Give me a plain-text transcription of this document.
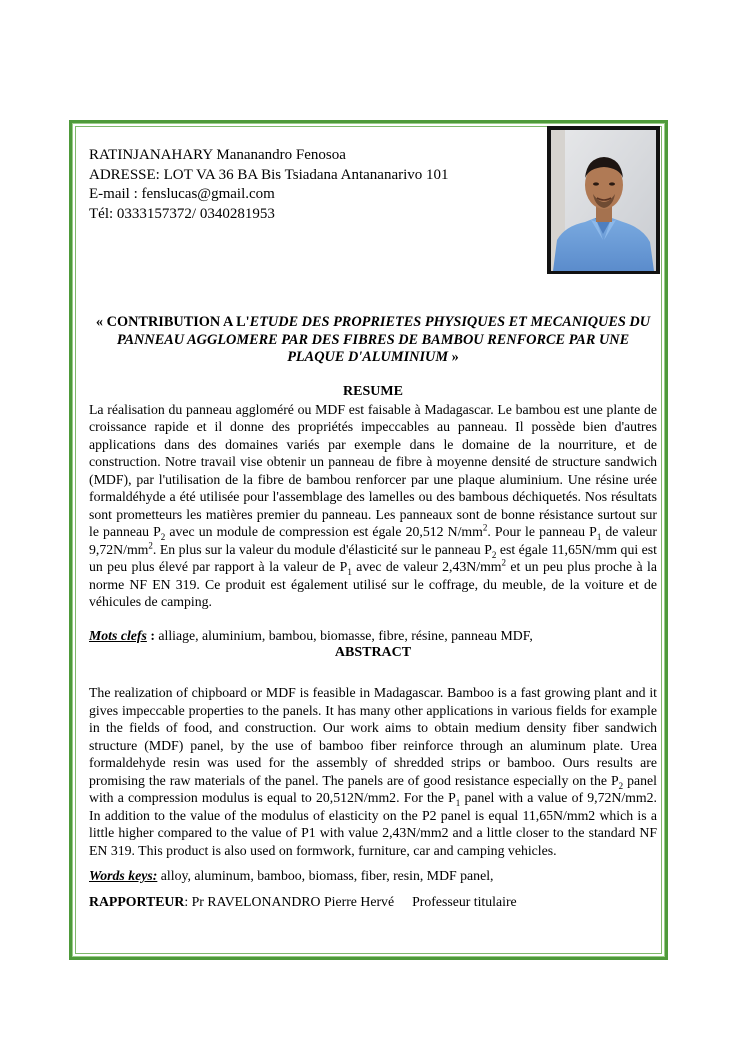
RATINJANAHARY Mananandro Fenosoa
ADRESSE: LOT VA 36 BA Bis Tsiadana Antananarivo 101
E-mail : fenslucas@gmail.com
Tél: 0333157372/ 0340281953
« CONTRIBUTION A L'ETUDE DES PROPRIETES PHYSIQUES ET MECANIQUES DU PANNEAU AGGLOMERE PAR DES FIBRES DE BAMBOU RENFORCE PAR UNE PLAQUE D'ALUMINIUM »
RESUME
La réalisation du panneau aggloméré ou MDF est faisable à Madagascar. Le bambou est une plante de croissance rapide et il donne des propriétés impeccables au panneau. Il possède bien d'autres applications dans des domaines variés par exemple dans le domaine de la nourriture, et de construction. Notre travail vise obtenir un panneau de fibre à moyenne densité de structure sandwich (MDF), par l'utilisation de la fibre de bambou renforcer par une plaque aluminium. Une résine urée formaldéhyde a été utilisée pour l'assemblage des lamelles ou des bambous déchiquetés. Nos résultats sont prometteurs les matières premier du panneau. Les panneaux sont de bonne résistance surtout sur le panneau $P_2$ avec un module de compression est égale 20,512 $N/mm^2$. Pour le panneau $P_1$ de valeur $9,72N/mm^2$. En plus sur la valeur du module d'élasticité sur le panneau $P_2$ est égale 11,65N/mm qui est un peu plus élevé par rapport à la valeur de $P_1$ avec de valeur $2,43N/mm^2$ et un peu plus proche à la norme NF EN 319. Ce produit est également utilisé sur le coffrage, du meuble, de la voiture et de véhicules de camping.
Mots clefs : alliage, aluminium, bambou, biomasse, fibre, résine, panneau MDF,
ABSTRACT
The realization of chipboard or MDF is feasible in Madagascar. Bamboo is a fast growing plant and it gives impeccable properties to the panels. It has many other applications in various fields for example in the fields of food, and construction. Our work aims to obtain medium density fiber sandwich structure (MDF) panel, by the use of bamboo fiber reinforce through an aluminum plate. Urea formaldehyde resin was used for the assembly of shredded strips or bamboo. Ours results are promising the raw materials of the panel. The panels are of good resistance especially on the $P_2$ panel with a compression modulus is equal to 20,512N/mm2. For the $P_1$ panel with a value of 9,72N/mm2. In addition to the value of the modulus of elasticity on the P2 panel is equal 11,65N/mm2 which is a little higher compared to the value of P1 with value 2,43N/mm2 and a little closer to the standard NF EN 319. This product is also used on formwork, furniture, car and camping vehicles.
Words keys: alloy, aluminum, bamboo, biomass, fiber, resin, MDF panel,
RAPPORTEUR: Pr RAVELONANDRO Pierre Hervé Professeur titulaire
